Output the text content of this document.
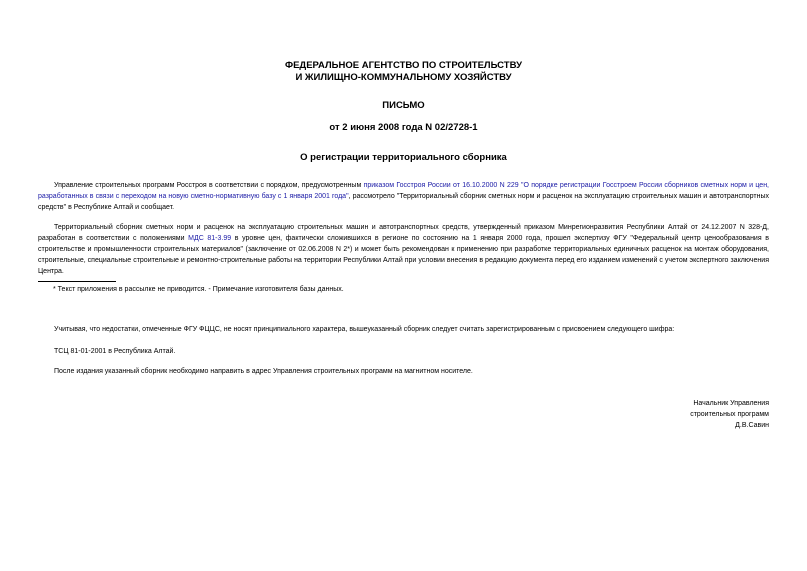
ФЕДЕРАЛЬНОЕ АГЕНТСТВО ПО СТРОИТЕЛЬСТВУ
И ЖИЛИЩНО-КОММУНАЛЬНОМУ ХОЗЯЙСТВУ
ПИСЬМО
от 2 июня 2008 года N 02/2728-1
О регистрации территориального сборника
Управление строительных программ Росстроя в соответствии с порядком, предусмотренным приказом Госстроя России от 16.10.2000 N 229 "О порядке регистрации Госстроем России сборников сметных норм и цен, разработанных в связи с переходом на новую сметно-нормативную базу с 1 января 2001 года", рассмотрело "Территориальный сборник сметных норм и расценок на эксплуатацию строительных машин и автотранспортных средств" в Республике Алтай и сообщает.
Территориальный сборник сметных норм и расценок на эксплуатацию строительных машин и автотранспортных средств, утвержденный приказом Минрегионразвития Республики Алтай от 24.12.2007 N 328-Д, разработан в соответствии с положениями МДС 81-3.99 в уровне цен, фактически сложившихся в регионе по состоянию на 1 января 2000 года, прошел экспертизу ФГУ "Федеральный центр ценообразования в строительстве и промышленности строительных материалов" (заключение от 02.06.2008 N 2*) и может быть рекомендован к применению при разработке территориальных единичных расценок на монтаж оборудования, строительные, специальные строительные и ремонтно-строительные работы на территории Республики Алтай при условии внесения в редакцию документа перед его изданием изменений с учетом экспертного заключения Центра.
* Текст приложения в рассылке не приводится. - Примечание изготовителя базы данных.
Учитывая, что недостатки, отмеченные ФГУ ФЦЦС, не носят принципиального характера, вышеуказанный сборник следует считать зарегистрированным с присвоением следующего шифра:
ТСЦ 81-01-2001 в Республика Алтай.
После издания указанный сборник необходимо направить в адрес Управления строительных программ на магнитном носителе.
Начальник Управления
строительных программ
Д.В.Савин
